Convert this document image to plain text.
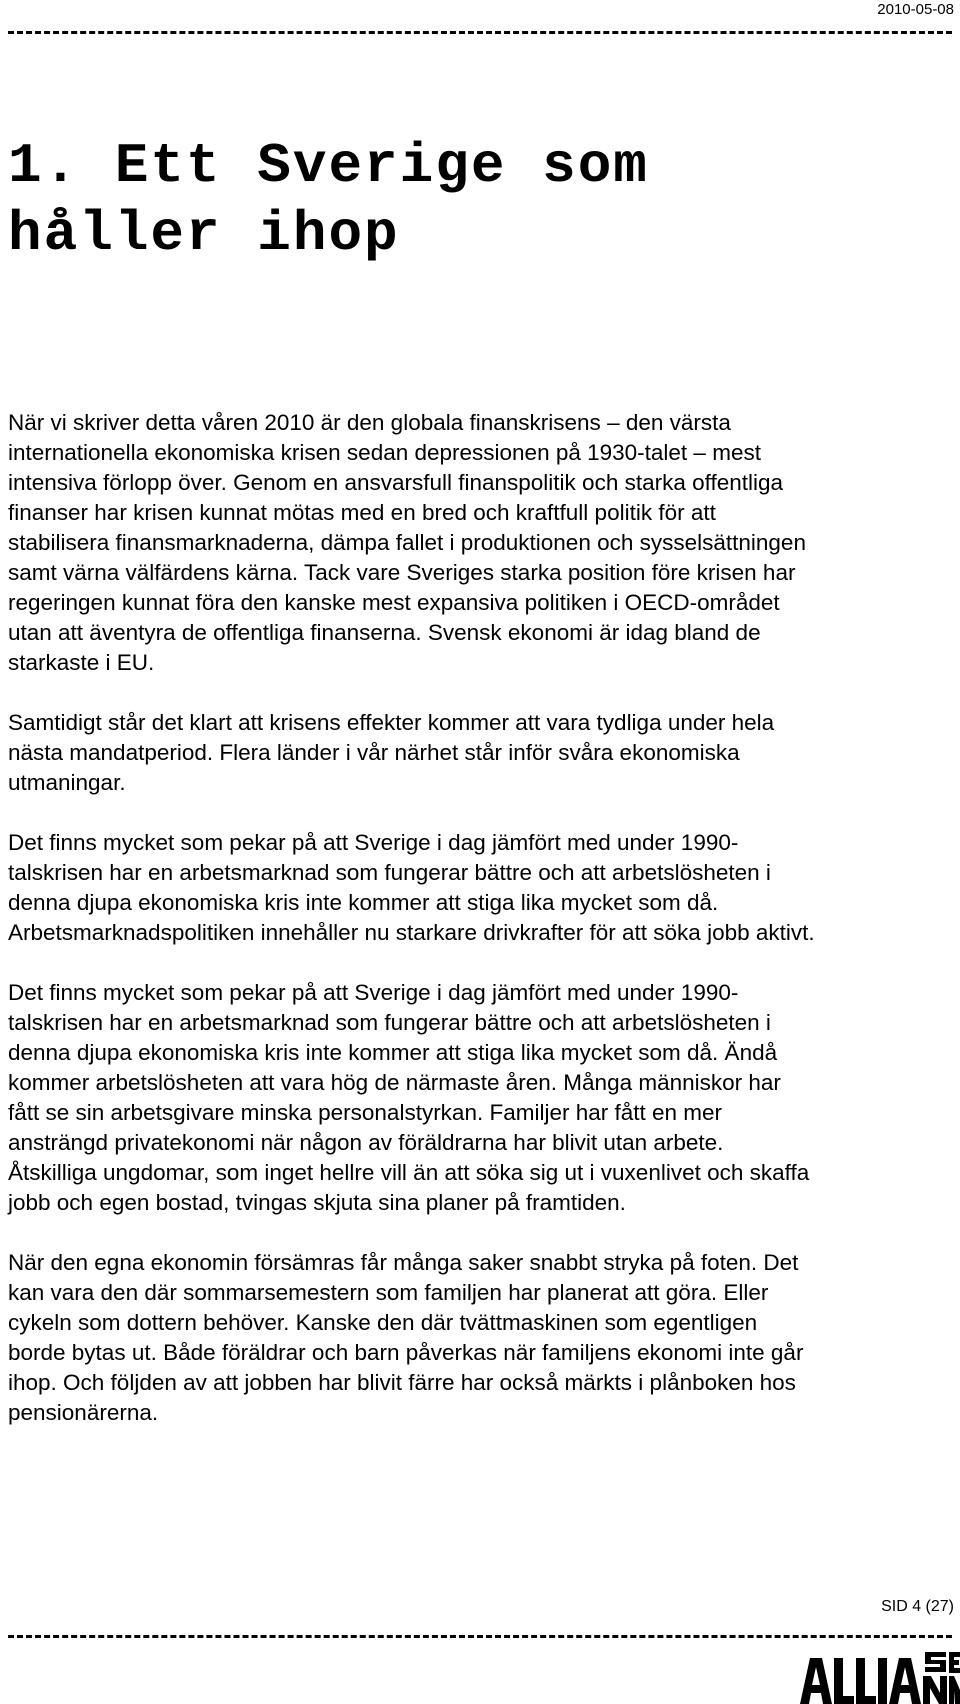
2010-05-08
1. Ett Sverige som
håller ihop

När vi skriver detta våren 2010 är den globala finanskrisens – den värsta
internationella ekonomiska krisen sedan depressionen på 1930-talet – mest
intensiva förlopp över. Genom en ansvarsfull finanspolitik och starka offentliga
finanser har krisen kunnat mötas med en bred och kraftfull politik för att
stabilisera finansmarknaderna, dämpa fallet i produktionen och sysselsättningen
samt värna välfärdens kärna. Tack vare Sveriges starka position före krisen har
regeringen kunnat föra den kanske mest expansiva politiken i OECD-området
utan att äventyra de offentliga finanserna. Svensk ekonomi är idag bland de
starkaste i EU.

Samtidigt står det klart att krisens effekter kommer att vara tydliga under hela
nästa mandatperiod. Flera länder i vår närhet står inför svåra ekonomiska
utmaningar.

Det finns mycket som pekar på att Sverige i dag jämfört med under 1990-
talskrisen har en arbetsmarknad som fungerar bättre och att arbetslösheten i
denna djupa ekonomiska kris inte kommer att stiga lika mycket som då.
Arbetsmarknadspolitiken innehåller nu starkare drivkrafter för att söka jobb aktivt.

Det finns mycket som pekar på att Sverige i dag jämfört med under 1990-
talskrisen har en arbetsmarknad som fungerar bättre och att arbetslösheten i
denna djupa ekonomiska kris inte kommer att stiga lika mycket som då. Ändå
kommer arbetslösheten att vara hög de närmaste åren. Många människor har
fått se sin arbetsgivare minska personalstyrkan. Familjer har fått en mer
ansträngd privatekonomi när någon av föräldrarna har blivit utan arbete.
Åtskilliga ungdomar, som inget hellre vill än att söka sig ut i vuxenlivet och skaffa
jobb och egen bostad, tvingas skjuta sina planer på framtiden.

När den egna ekonomin försämras får många saker snabbt stryka på foten. Det
kan vara den där sommarsemestern som familjen har planerat att göra. Eller
cykeln som dottern behöver. Kanske den där tvättmaskinen som egentligen
borde bytas ut. Både föräldrar och barn påverkas när familjens ekonomi inte går
ihop. Och följden av att jobben har blivit färre har också märkts i plånboken hos
pensionärerna.

SID 4 (27)
